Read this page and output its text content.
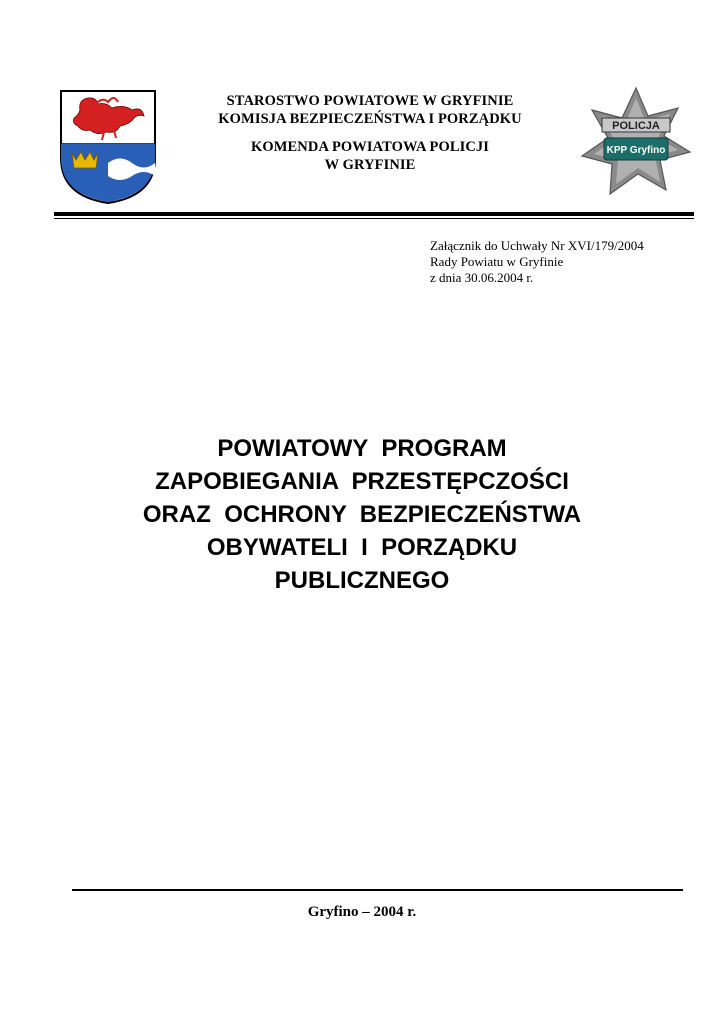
STAROSTWO POWIATOWE W GRYFINIE
KOMISJA BEZPIECZEŃSTWA I PORZĄDKU
KOMENDA POWIATOWA POLICJI
W GRYFINIE
POLICJA
KPP Gryfino
Załącznik do Uchwały Nr XVI/179/2004
Rady Powiatu w Gryfinie
z dnia 30.06.2004 r.
POWIATOWY  PROGRAM
ZAPOBIEGANIA  PRZESTĘPCZOŚCI
ORAZ  OCHRONY  BEZPIECZEŃSTWA
OBYWATELI  I  PORZĄDKU
PUBLICZNEGO
Gryfino – 2004 r.
